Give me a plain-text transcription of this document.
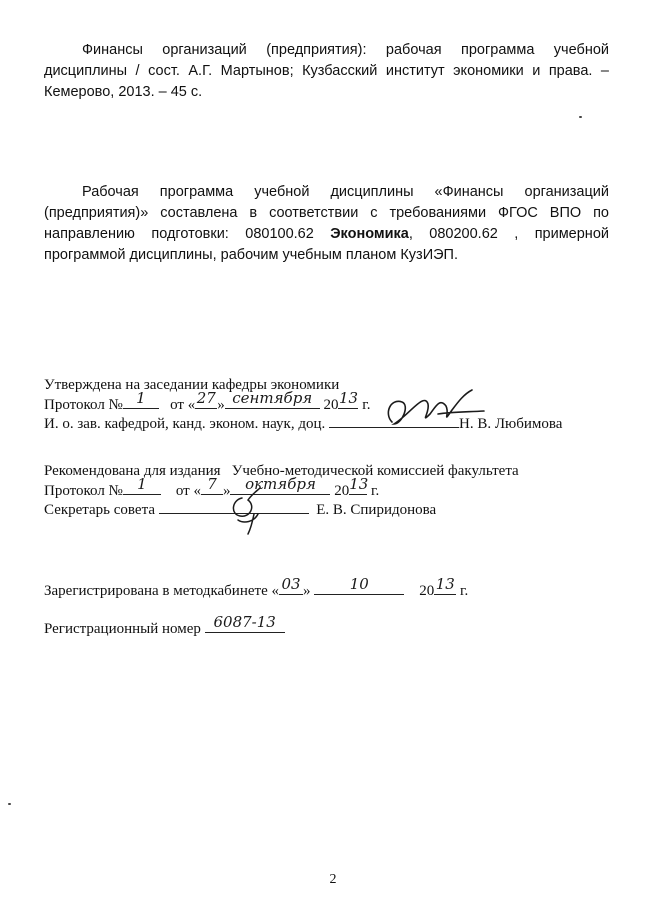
Финансы организаций (предприятия): рабочая программа учебной дисциплины / сост. А.Г. Мартынов; Кузбасский институт экономики и права. – Кемерово, 2013. – 45 с.

Рабочая программа учебной дисциплины «Финансы организаций (предприятия)» составлена в соответствии с требованиями ФГОС ВПО по направлению подготовки: 080100.62 Экономика, 080200.62 , примерной программой дисциплины, рабочим учебным планом КузИЭП.

Утверждена на заседании кафедры экономики
Протокол № 1	от « 27 » сентября 20 13 г.
И. о. зав. кафедрой, канд. эконом. наук, доц.	Н. В. Любимова
Рекомендована для издания   Учебно-методической комиссией факультета
Протокол № 1	от « 7 » октября	20 13 г.
Секретарь совета	Е. В. Спиридонова
Зарегистрирована в методкабинете « 03 »	10	20 13 г.
Регистрационный номер 6087-13
2
